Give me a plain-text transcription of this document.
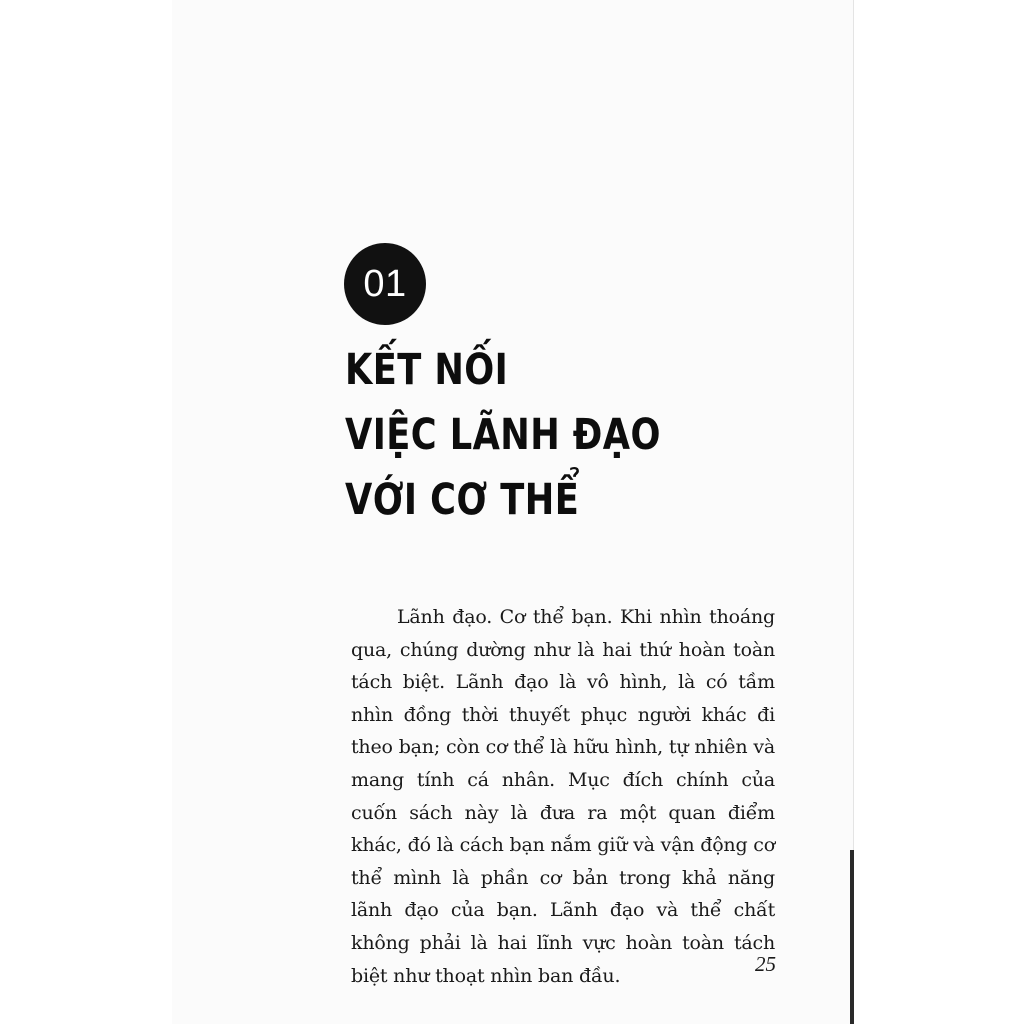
01
KẾT NỐI
VIỆC LÃNH ĐẠO
VỚI CƠ THỂ

Lãnh đạo. Cơ thể bạn. Khi nhìn thoáng qua, chúng dường như là hai thứ hoàn toàn tách biệt. Lãnh đạo là vô hình, là có tầm nhìn đồng thời thuyết phục người khác đi theo bạn; còn cơ thể là hữu hình, tự nhiên và mang tính cá nhân. Mục đích chính của cuốn sách này là đưa ra một quan điểm khác, đó là cách bạn nắm giữ và vận động cơ thể mình là phần cơ bản trong khả năng lãnh đạo của bạn. Lãnh đạo và thể chất không phải là hai lĩnh vực hoàn toàn tách biệt như thoạt nhìn ban đầu.	25
